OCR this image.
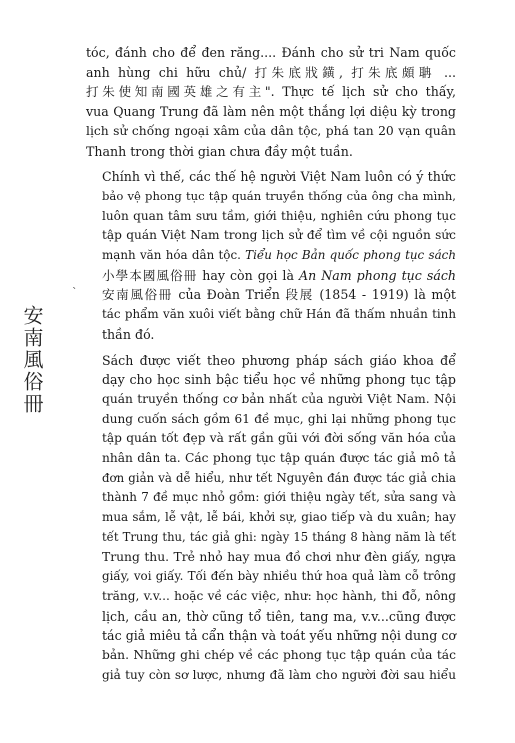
安南風俗冊
`

tóc, đánh cho để đen răng.... Đánh cho sử tri Nam quốc
anh hùng chi hữu chủ/ 打朱底戕鐄, 打朱底頗聃 ...
打朱使知南國英雄之有主". Thực tế lịch sử cho thấy,
vua Quang Trung đã làm nên một thắng lợi diệu kỳ trong
lịch sử chống ngoại xâm của dân tộc, phá tan 20 vạn quân
Thanh trong thời gian chưa đầy một tuần.

Chính vì thế, các thế hệ người Việt Nam luôn có ý thức
bảo vệ phong tục tập quán truyền thống của ông cha mình,
luôn quan tâm sưu tầm, giới thiệu, nghiên cứu phong tục
tập quán Việt Nam trong lịch sử để tìm về cội nguồn sức
mạnh văn hóa dân tộc. Tiểu học Bản quốc phong tục sách
小學本國風俗冊 hay còn gọi là An Nam phong tục sách
安南風俗冊 của Đoàn Triển 段展 (1854 - 1919) là một
tác phẩm văn xuôi viết bằng chữ Hán đã thấm nhuần tinh
thần đó.

Sách được viết theo phương pháp sách giáo khoa để
dạy cho học sinh bậc tiểu học về những phong tục tập
quán truyền thống cơ bản nhất của người Việt Nam. Nội
dung cuốn sách gồm 61 đề mục, ghi lại những phong tục
tập quán tốt đẹp và rất gần gũi với đời sống văn hóa của
nhân dân ta. Các phong tục tập quán được tác giả mô tả
đơn giản và dễ hiểu, như tết Nguyên đán được tác giả chia
thành 7 đề mục nhỏ gồm: giới thiệu ngày tết, sửa sang và
mua sắm, lễ vật, lễ bái, khởi sự, giao tiếp và du xuân; hay
tết Trung thu, tác giả ghi: ngày 15 tháng 8 hàng năm là tết
Trung thu. Trẻ nhỏ hay mua đồ chơi như đèn giấy, ngựa
giấy, voi giấy. Tối đến bày nhiều thứ hoa quả làm cỗ trông
trăng, v.v... hoặc về các việc, như: học hành, thi đỗ, nông
lịch, cầu an, thờ cũng tổ tiên, tang ma, v.v...cũng được
tác giả miêu tả cẩn thận và toát yếu những nội dung cơ
bản. Những ghi chép về các phong tục tập quán của tác
giả tuy còn sơ lược, nhưng đã làm cho người đời sau hiểu
